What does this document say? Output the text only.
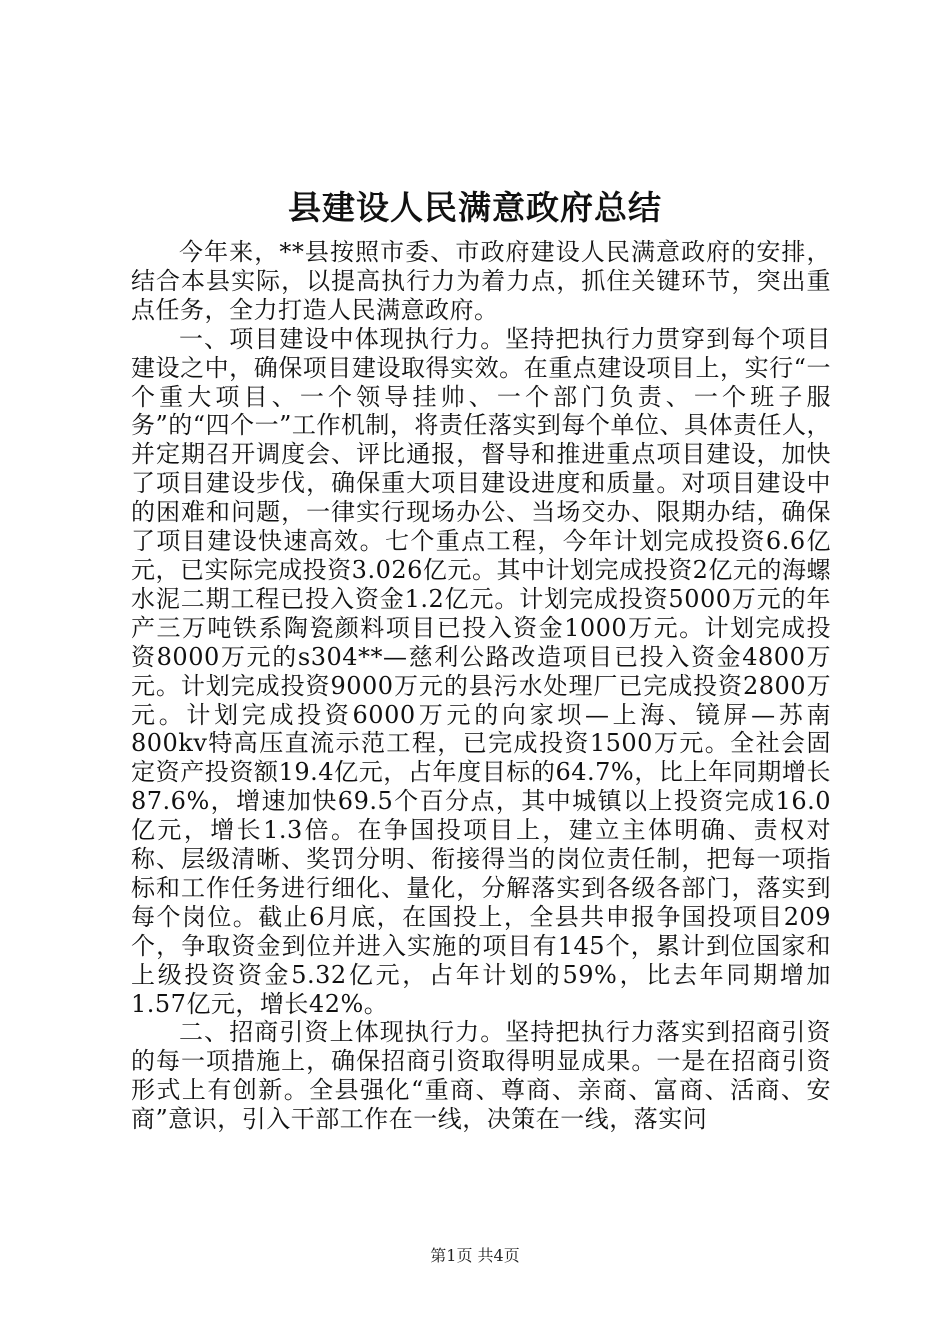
县建设人民满意政府总结

今年来，**县按照市委、市政府建设人民满意政府的安排，结合本县实际，以提高执行力为着力点，抓住关键环节，突出重点任务，全力打造人民满意政府。

一、项目建设中体现执行力。坚持把执行力贯穿到每个项目建设之中，确保项目建设取得实效。在重点建设项目上，实行“一个重大项目、一个领导挂帅、一个部门负责、一个班子服务”的“四个一”工作机制，将责任落实到每个单位、具体责任人，并定期召开调度会、评比通报，督导和推进重点项目建设，加快了项目建设步伐，确保重大项目建设进度和质量。对项目建设中的困难和问题，一律实行现场办公、当场交办、限期办结，确保了项目建设快速高效。七个重点工程，今年计划完成投资6.6亿元，已实际完成投资3.026亿元。其中计划完成投资2亿元的海螺水泥二期工程已投入资金1.2亿元。计划完成投资5000万元的年产三万吨铁系陶瓷颜料项目已投入资金1000万元。计划完成投资8000万元的s304**—慈利公路改造项目已投入资金4800万元。计划完成投资9000万元的县污水处理厂已完成投资2800万元。计划完成投资6000万元的向家坝—上海、镜屏—苏南800kv特高压直流示范工程，已完成投资1500万元。全社会固定资产投资额19.4亿元，占年度目标的64.7%，比上年同期增长87.6%，增速加快69.5个百分点，其中城镇以上投资完成16.0亿元，增长1.3倍。在争国投项目上，建立主体明确、责权对称、层级清晰、奖罚分明、衔接得当的岗位责任制，把每一项指标和工作任务进行细化、量化，分解落实到各级各部门，落实到每个岗位。截止6月底，在国投上，全县共申报争国投项目209个，争取资金到位并进入实施的项目有145个，累计到位国家和上级投资资金5.32亿元，占年计划的59%，比去年同期增加1.57亿元，增长42%。

二、招商引资上体现执行力。坚持把执行力落实到招商引资的每一项措施上，确保招商引资取得明显成果。一是在招商引资形式上有创新。全县强化“重商、尊商、亲商、富商、活商、安商”意识，引入干部工作在一线，决策在一线，落实问

第1页 共4页
